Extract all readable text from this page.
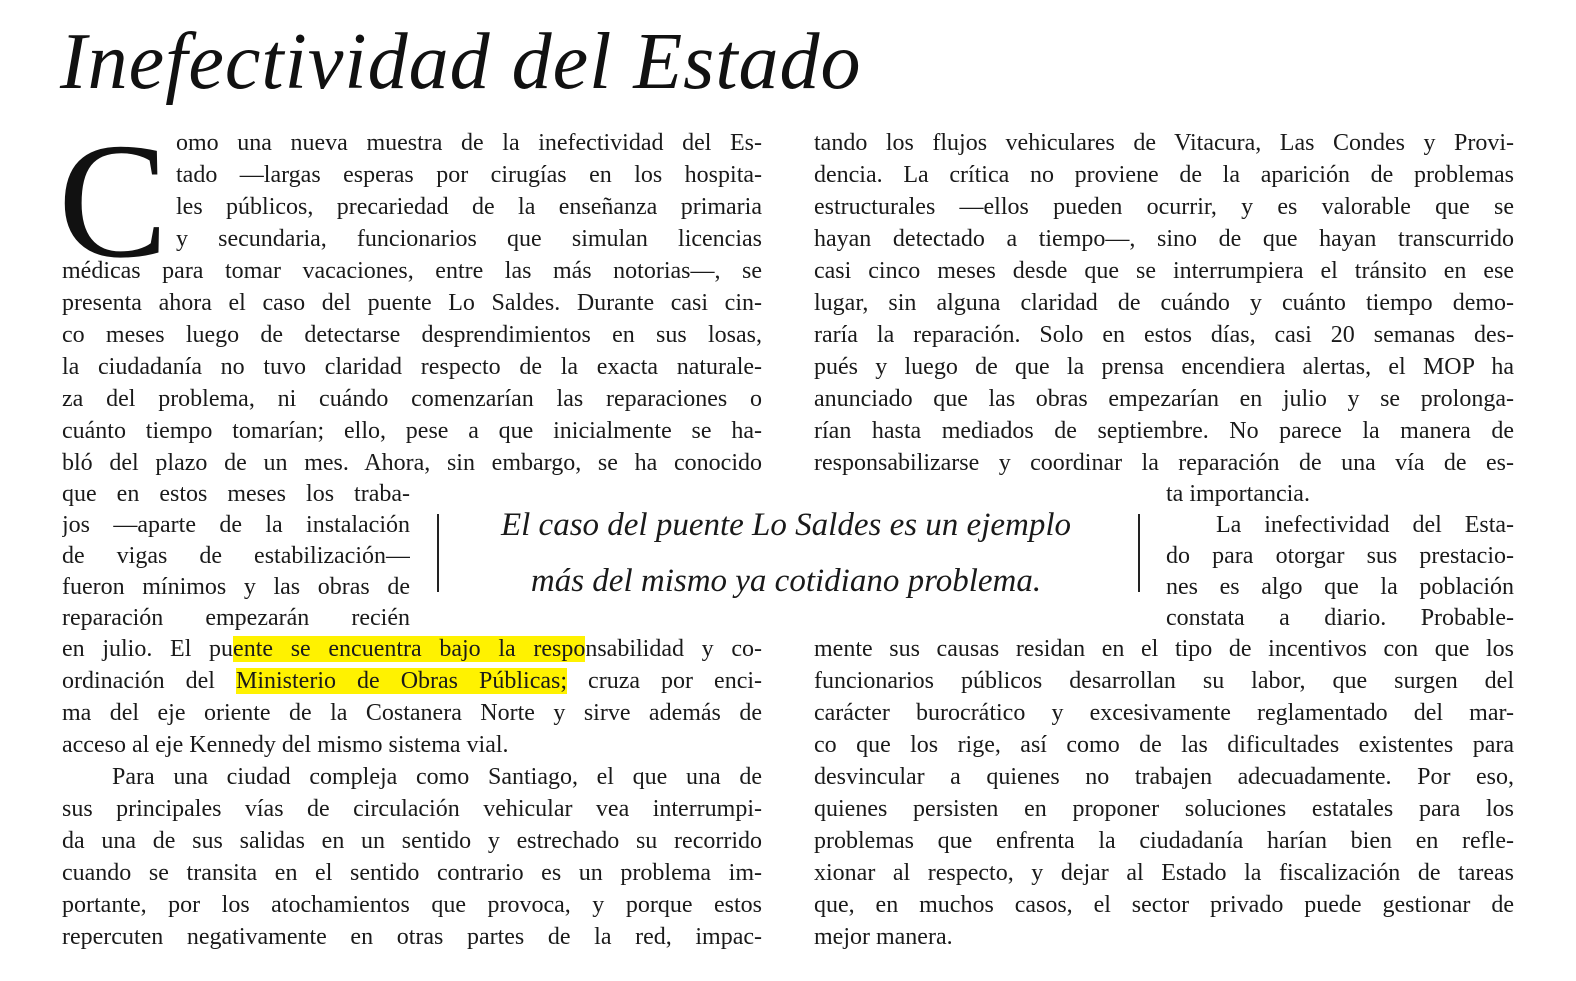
Inefectividad del Estado
C omo una nueva muestra de la inefectividad del Es-
tado —largas esperas por cirugías en los hospita-
les públicos, precariedad de la enseñanza primaria
y secundaria, funcionarios que simulan licencias
médicas para tomar vacaciones, entre las más notorias—, se
presenta ahora el caso del puente Lo Saldes. Durante casi cin-
co meses luego de detectarse desprendimientos en sus losas,
la ciudadanía no tuvo claridad respecto de la exacta naturale-
za del problema, ni cuándo comenzarían las reparaciones o
cuánto tiempo tomarían; ello, pese a que inicialmente se ha-
bló del plazo de un mes. Ahora, sin embargo, se ha conocido
que en estos meses los traba-
jos —aparte de la instalación
de vigas de estabilización—
fueron mínimos y las obras de
reparación empezarán recién
en julio. El puente se encuentra bajo la responsabilidad y co-
ordinación del Ministerio de Obras Públicas; cruza por enci-
ma del eje oriente de la Costanera Norte y sirve además de
acceso al eje Kennedy del mismo sistema vial.
Para una ciudad compleja como Santiago, el que una de
sus principales vías de circulación vehicular vea interrumpi-
da una de sus salidas en un sentido y estrechado su recorrido
cuando se transita en el sentido contrario es un problema im-
portante, por los atochamientos que provoca, y porque estos
repercuten negativamente en otras partes de la red, impac-
tando los flujos vehiculares de Vitacura, Las Condes y Provi-
dencia. La crítica no proviene de la aparición de problemas
estructurales —ellos pueden ocurrir, y es valorable que se
hayan detectado a tiempo—, sino de que hayan transcurrido
casi cinco meses desde que se interrumpiera el tránsito en ese
lugar, sin alguna claridad de cuándo y cuánto tiempo demo-
raría la reparación. Solo en estos días, casi 20 semanas des-
pués y luego de que la prensa encendiera alertas, el MOP ha
anunciado que las obras empezarían en julio y se prolonga-
rían hasta mediados de septiembre. No parece la manera de
responsabilizarse y coordinar la reparación de una vía de es-
ta importancia.
La inefectividad del Esta-
do para otorgar sus prestacio-
nes es algo que la población
constata a diario. Probable-
mente sus causas residan en el tipo de incentivos con que los
funcionarios públicos desarrollan su labor, que surgen del
carácter burocrático y excesivamente reglamentado del mar-
co que los rige, así como de las dificultades existentes para
desvincular a quienes no trabajen adecuadamente. Por eso,
quienes persisten en proponer soluciones estatales para los
problemas que enfrenta la ciudadanía harían bien en refle-
xionar al respecto, y dejar al Estado la fiscalización de tareas
que, en muchos casos, el sector privado puede gestionar de
mejor manera.
El caso del puente Lo Saldes es un ejemplo
más del mismo ya cotidiano problema.
